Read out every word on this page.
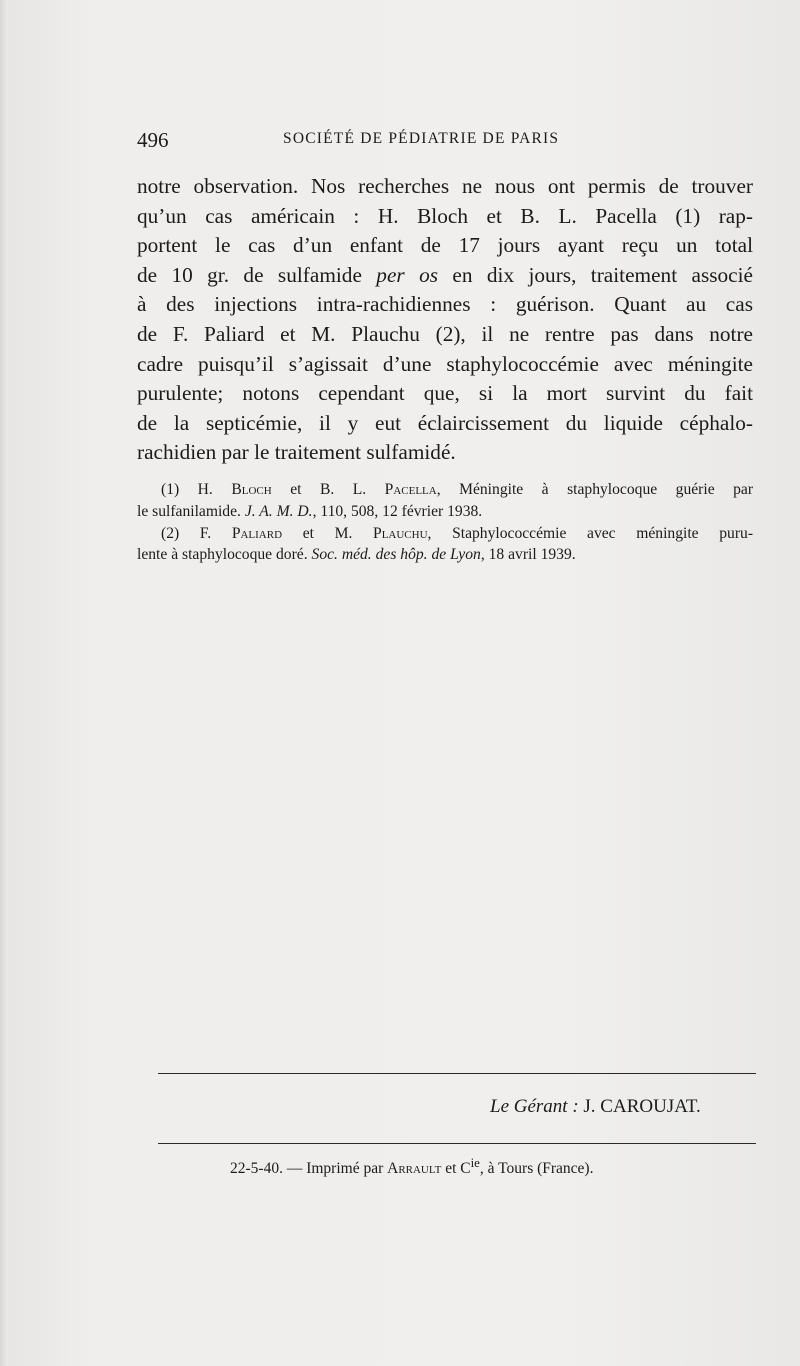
496	SOCIÉTÉ DE PÉDIATRIE DE PARIS
notre observation. Nos recherches ne nous ont permis de trouver
qu’un cas américain : H. Bloch et B. L. Pacella (1) rap-
portent le cas d’un enfant de 17 jours ayant reçu un total
de 10 gr. de sulfamide per os en dix jours, traitement associé
à des injections intra-rachidiennes : guérison. Quant au cas
de F. Paliard et M. Plauchu (2), il ne rentre pas dans notre
cadre puisqu’il s’agissait d’une staphylococcémie avec méningite
purulente; notons cependant que, si la mort survint du fait
de la septicémie, il y eut éclaircissement du liquide céphalo-
rachidien par le traitement sulfamidé.
(1) H. Bloch et B. L. Pacella, Méningite à staphylocoque guérie par
le sulfanilamide. J. A. M. D., 110, 508, 12 février 1938.
(2) F. Paliard et M. Plauchu, Staphylococcémie avec méningite puru-
lente à staphylocoque doré. Soc. méd. des hôp. de Lyon, 18 avril 1939.
Le Gérant : J. CAROUJAT.
22-5-40. — Imprimé par Arrault et $C^{ie}$, à Tours (France).
